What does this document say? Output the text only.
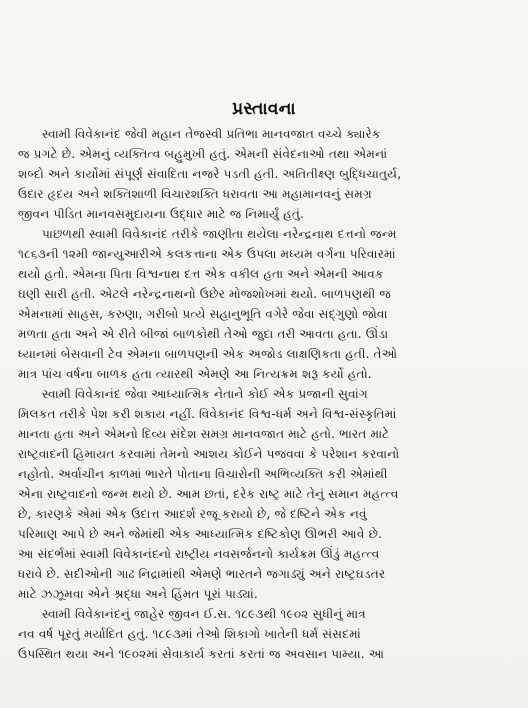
પ્રસ્તાવના
સ્વામી વિવેકાનંદ જેવી મહાન તેજસ્વી પ્રતિભા માનવજાત વચ્ચે ક્યારેક
જ પ્રગટે છે. એમનું વ્યક્તિત્વ બહુમુખી હતું. એમની સંવેદનાઓ તથા એમનાં
શબ્દો અને કાર્યોમાં સંપૂર્ણ સંવાદિતા નજરે પડતી હતી. અતિતીક્ષ્ણ બુદ્ધિચાતુર્ય,
ઉદાર હૃદય અને શક્તિશાળી વિચારશક્તિ ધરાવતા આ મહામાનવનું સમગ્ર
જીવન પીડિત માનવસમુદાયના ઉદ્ધાર માટે જ નિમાર્યું હતું.
પાછળથી સ્વામી વિવેકાનંદ તરીકે જાણીતા થયેલા નરેન્દ્રનાથ દત્તનો જન્મ
૧૮૬૩ની ૧૨મી જાન્યુઆરીએ કલકત્તાના એક ઉપલા મધ્યમ વર્ગના પરિવારમાં
થયો હતો. એમના પિતા વિશ્વનાથ દત્ત એક વકીલ હતા અને એમની આવક
ઘણી સારી હતી. એટલે નરેન્દ્રનાથનો ઉછેર મોજશોખમાં થયો. બાળપણથી જ
એમનામાં સાહસ, કરુણા, ગરીબો પ્રત્યે સહાનુભૂતિ વગેરે જેવા સદ્ગુણો જોવા
મળતા હતા અને એ રીતે બીજાં બાળકોથી તેઓ જુદા તરી આવતા હતા. ઊંડા
ધ્યાનમાં બેસવાની ટેવ એમના બાળપણની એક અજોડ લાક્ષણિકતા હતી. તેઓ
માત્ર પાંચ વર્ષના બાળક હતા ત્યારથી એમણે આ નિત્યક્રમ શરૂ કર્યો હતો.
સ્વામી વિવેકાનંદ જેવા આધ્યાત્મિક નેતાને કોઈ એક પ્રજાની સુવાંગ
મિલકત તરીકે પેશ કરી શકાય નહીં. વિવેકાનંદ વિશ્વ-ધર્મ અને વિશ્વ-સંસ્કૃતિમાં
માનતા હતા અને એમનો દિવ્ય સંદેશ સમગ્ર માનવજાત માટે હતો. ભારત માટે
રાષ્ટ્રવાદની હિમાયત કરવામાં તેમનો આશય કોઈને પજવવા કે પરેશાન કરવાનો
નહોતો. અર્વાચીન કાળમાં ભારતે પોતાના વિચારોની અભિવ્યક્તિ કરી એમાંથી
એના રાષ્ટ્રવાદનો જન્મ થયો છે. આમ છતાં, દરેક રાષ્ટ્ર માટે તેનું સમાન મહત્ત્વ
છે, કારણકે એમાં એક ઉદાત્ત આદર્શ રજૂ કરાયો છે, જે દષ્ટિને એક નવું
પરિમાણ આપે છે અને જેમાંથી એક આધ્યાત્મિક દષ્ટિકોણ ઊભરી આવે છે.
આ સંદર્ભમાં સ્વામી વિવેકાનંદનો રાષ્ટ્રીય નવસર્જનનો કાર્યક્રમ ઊંડું મહત્ત્વ
ધરાવે છે. સદીઓની ગાઢ નિદ્રામાંથી એમણે ભારતને જગાડ્યું અને રાષ્ટ્રઘડતર
માટે ઝઝૂમવા એને શ્રદ્ધા અને હિંમત પૂરાં પાડ્યાં.
સ્વામી વિવેકાનંદનું જાહેર જીવન ઈ.સ. ૧૮૯૩થી ૧૯૦૨ સુધીનું માત્ર
નવ વર્ષ પૂરતું મર્યાદિત હતું. ૧૮૯૩માં તેઓ શિકાગો ખાતેની ધર્મ સંસદમાં
ઉપસ્થિત થયા અને ૧૯૦૨માં સેવાકાર્ય કરતાં કરતાં જ અવસાન પામ્યા. આ
